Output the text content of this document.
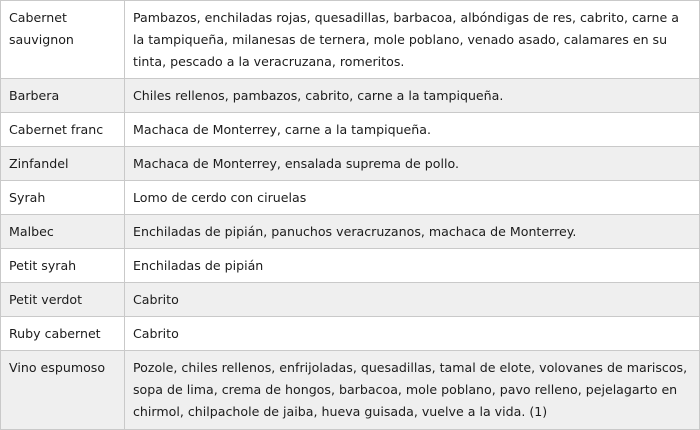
Cabernet sauvignon	Pambazos, enchiladas rojas, quesadillas, barbacoa, albóndigas de res, cabrito, carne a la tampiqueña, milanesas de ternera, mole poblano, venado asado, calamares en su tinta, pescado a la veracruzana, romeritos.
Barbera	Chiles rellenos, pambazos, cabrito, carne a la tampiqueña.
Cabernet franc	Machaca de Monterrey, carne a la tampiqueña.
Zinfandel	Machaca de Monterrey, ensalada suprema de pollo.
Syrah	Lomo de cerdo con ciruelas
Malbec	Enchiladas de pipián, panuchos veracruzanos, machaca de Monterrey.
Petit syrah	Enchiladas de pipián
Petit verdot	Cabrito
Ruby cabernet	Cabrito
Vino espumoso	Pozole, chiles rellenos, enfrijoladas, quesadillas, tamal de elote, volovanes de mariscos, sopa de lima, crema de hongos, barbacoa, mole poblano, pavo relleno, pejelagarto en chirmol, chilpachole de jaiba, hueva guisada, vuelve a la vida. (1)
